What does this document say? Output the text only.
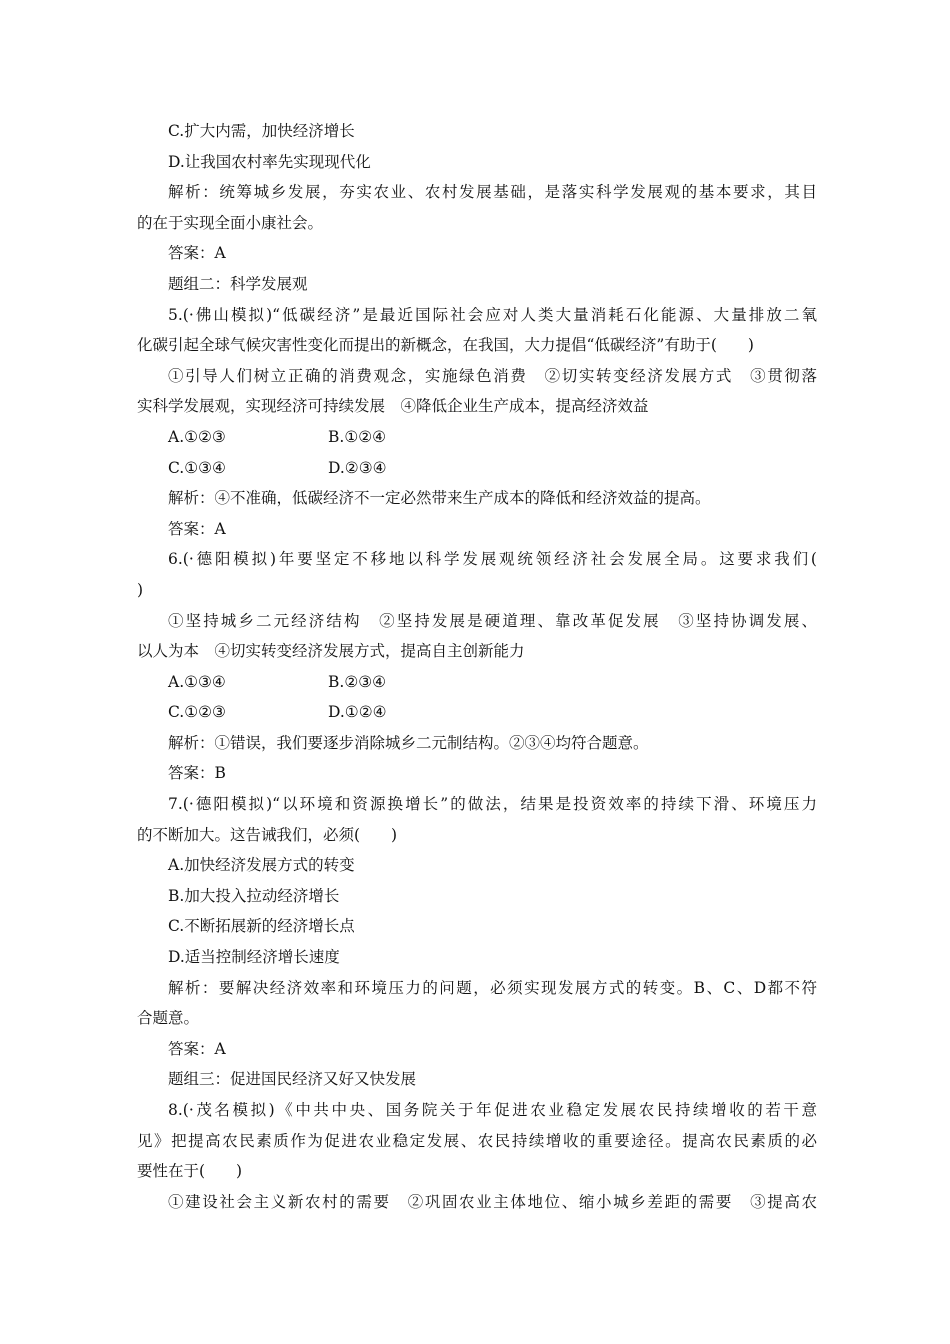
C.扩大内需，加快经济增长
D.让我国农村率先实现现代化
解析：统筹城乡发展，夯实农业、农村发展基础，是落实科学发展观的基本要求，其目
的在于实现全面小康社会。
答案：A
题组二：科学发展观
5.(·佛山模拟)“低碳经济”是最近国际社会应对人类大量消耗石化能源、大量排放二氧
化碳引起全球气候灾害性变化而提出的新概念，在我国，大力提倡“低碳经济”有助于(　　)
①引导人们树立正确的消费观念，实施绿色消费　②切实转变经济发展方式　③贯彻落
实科学发展观，实现经济可持续发展　④降低企业生产成本，提高经济效益
A.①②③	B.①②④
C.①③④	D.②③④
解析：④不准确，低碳经济不一定必然带来生产成本的降低和经济效益的提高。
答案：A
6.(·德阳模拟)年要坚定不移地以科学发展观统领经济社会发展全局。这要求我们(
)
①坚持城乡二元经济结构　②坚持发展是硬道理、靠改革促发展　③坚持协调发展、
以人为本　④切实转变经济发展方式，提高自主创新能力
A.①③④	B.②③④
C.①②③	D.①②④
解析：①错误，我们要逐步消除城乡二元制结构。②③④均符合题意。
答案：B
7.(·德阳模拟)“以环境和资源换增长”的做法，结果是投资效率的持续下滑、环境压力
的不断加大。这告诫我们，必须(　　)
A.加快经济发展方式的转变
B.加大投入拉动经济增长
C.不断拓展新的经济增长点
D.适当控制经济增长速度
解析：要解决经济效率和环境压力的问题，必须实现发展方式的转变。B、C、D都不符
合题意。
答案：A
题组三：促进国民经济又好又快发展
8.(·茂名模拟)《中共中央、国务院关于年促进农业稳定发展农民持续增收的若干意
见》把提高农民素质作为促进农业稳定发展、农民持续增收的重要途径。提高农民素质的必
要性在于(　　)
①建设社会主义新农村的需要　②巩固农业主体地位、缩小城乡差距的需要　③提高农
